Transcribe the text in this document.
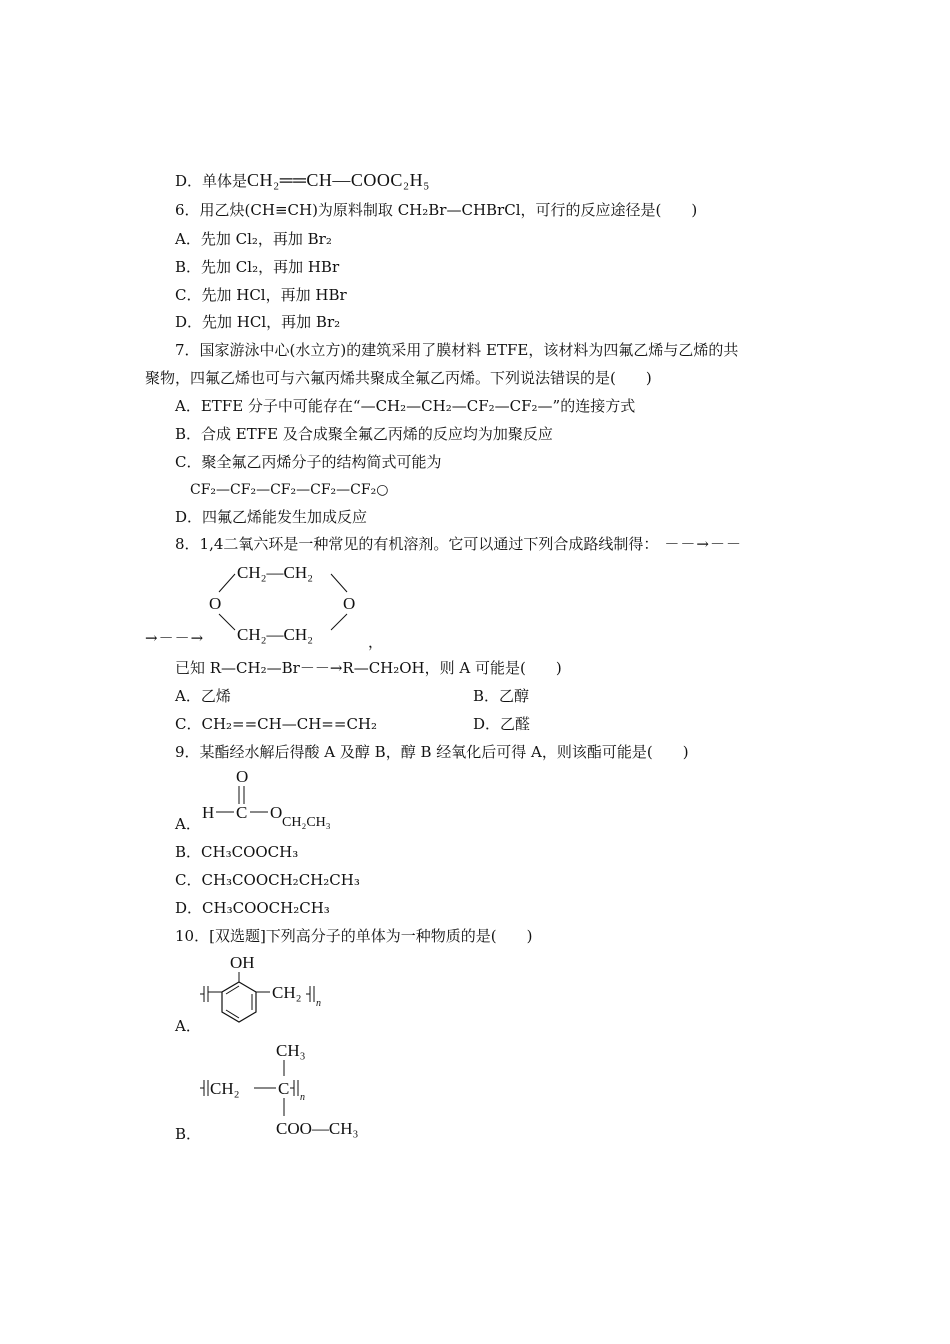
D．单体是CH₂══CH—COOC₂H₅
6．用乙炔(CH≡CH)为原料制取 CH₂Br—CHBrCl，可行的反应途径是(　　)
A．先加 Cl₂，再加 Br₂
B．先加 Cl₂，再加 HBr
C．先加 HCl，再加 HBr
D．先加 HCl，再加 Br₂
7．国家游泳中心(水立方)的建筑采用了膜材料 ETFE，该材料为四氟乙烯与乙烯的共
聚物，四氟乙烯也可与六氟丙烯共聚成全氟乙丙烯。下列说法错误的是(　　)
A．ETFE 分子中可能存在“—CH₂—CH₂—CF₂—CF₂—”的连接方式
B．合成 ETFE 及合成聚全氟乙丙烯的反应均为加聚反应
C．聚全氟乙丙烯分子的结构简式可能为
CF₂—CF₂—CF₂—CF₂—CF₂○
D．四氟乙烯能发生加成反应
8．1,4二氧六环是一种常见的有机溶剂。它可以通过下列合成路线制得： －－→－－
CH₂—CH₂
O	O
CH₂—CH₂
→－－→	，
已知 R—CH₂—Br－－→R—CH₂OH，则 A 可能是(　　)
A．乙烯	B．乙醇
C．CH₂==CH—CH==CH₂	D．乙醛
9．某酯经水解后得酸 A 及醇 B，醇 B 经氧化后可得 A，则该酯可能是(　　)
A．
O
H C O
CH₂CH₃
B．CH₃COOCH₃
C．CH₃COOCH₂CH₂CH₃
D．CH₃COOCH₂CH₃
10．[双选题]下列高分子的单体为一种物质的是(　　)
A．
OH
CH₂
n
B．
CH₃
CH₂ C n
COO—CH₃
